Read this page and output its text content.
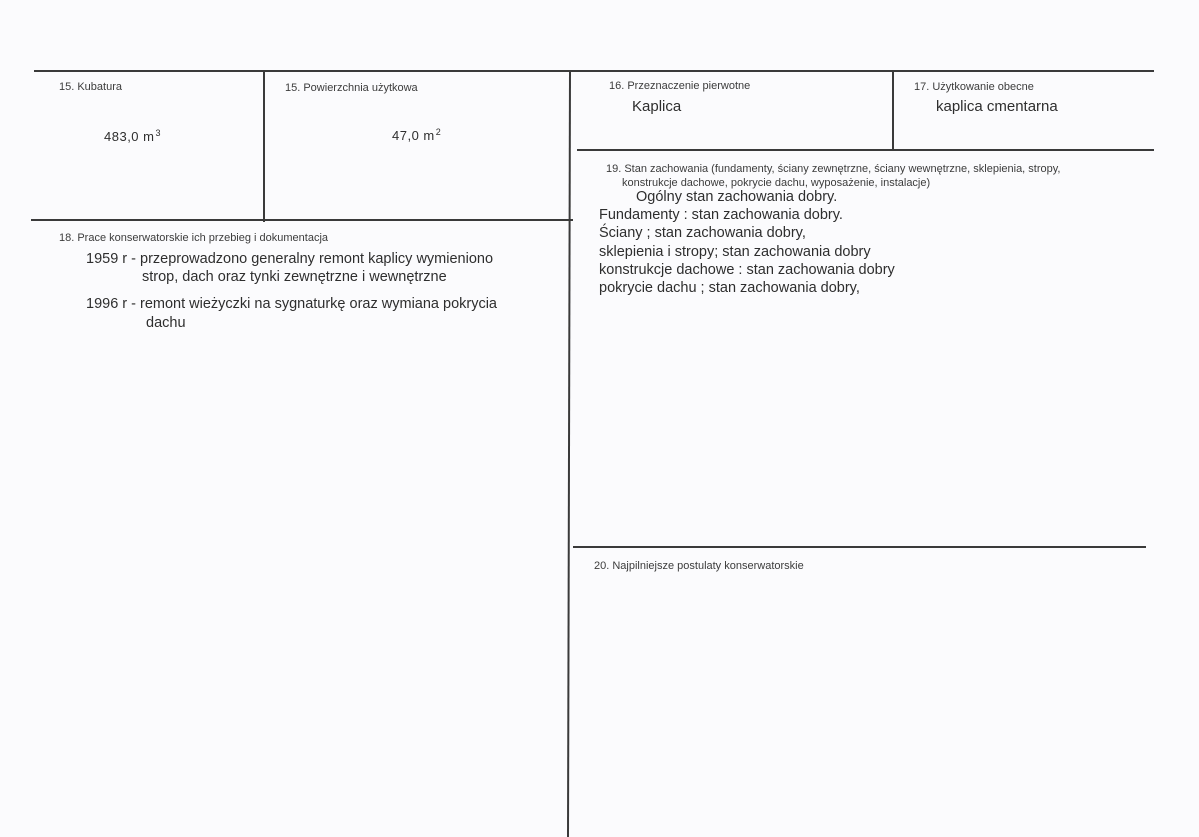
15. Kubatura
483,0 $m^3$
15. Powierzchnia użytkowa
47,0 $m^2$
16. Przeznaczenie pierwotne
Kaplica
17. Użytkowanie obecne
kaplica cmentarna
19. Stan zachowania (fundamenty, ściany zewnętrzne, ściany wewnętrzne, sklepienia, stropy,
konstrukcje dachowe, pokrycie dachu, wyposażenie, instalacje)
Ogólny stan zachowania dobry.
Fundamenty : stan zachowania dobry.
Ściany ; stan zachowania dobry,
sklepienia i stropy; stan zachowania dobry
konstrukcje dachowe : stan zachowania dobry
pokrycie dachu ; stan zachowania dobry,
18. Prace konserwatorskie ich przebieg i dokumentacja
1959 r - przeprowadzono generalny remont kaplicy wymieniono
strop, dach oraz tynki zewnętrzne i wewnętrzne
1996 r - remont wieżyczki na sygnaturkę oraz wymiana pokrycia
dachu
20. Najpilniejsze postulaty konserwatorskie
